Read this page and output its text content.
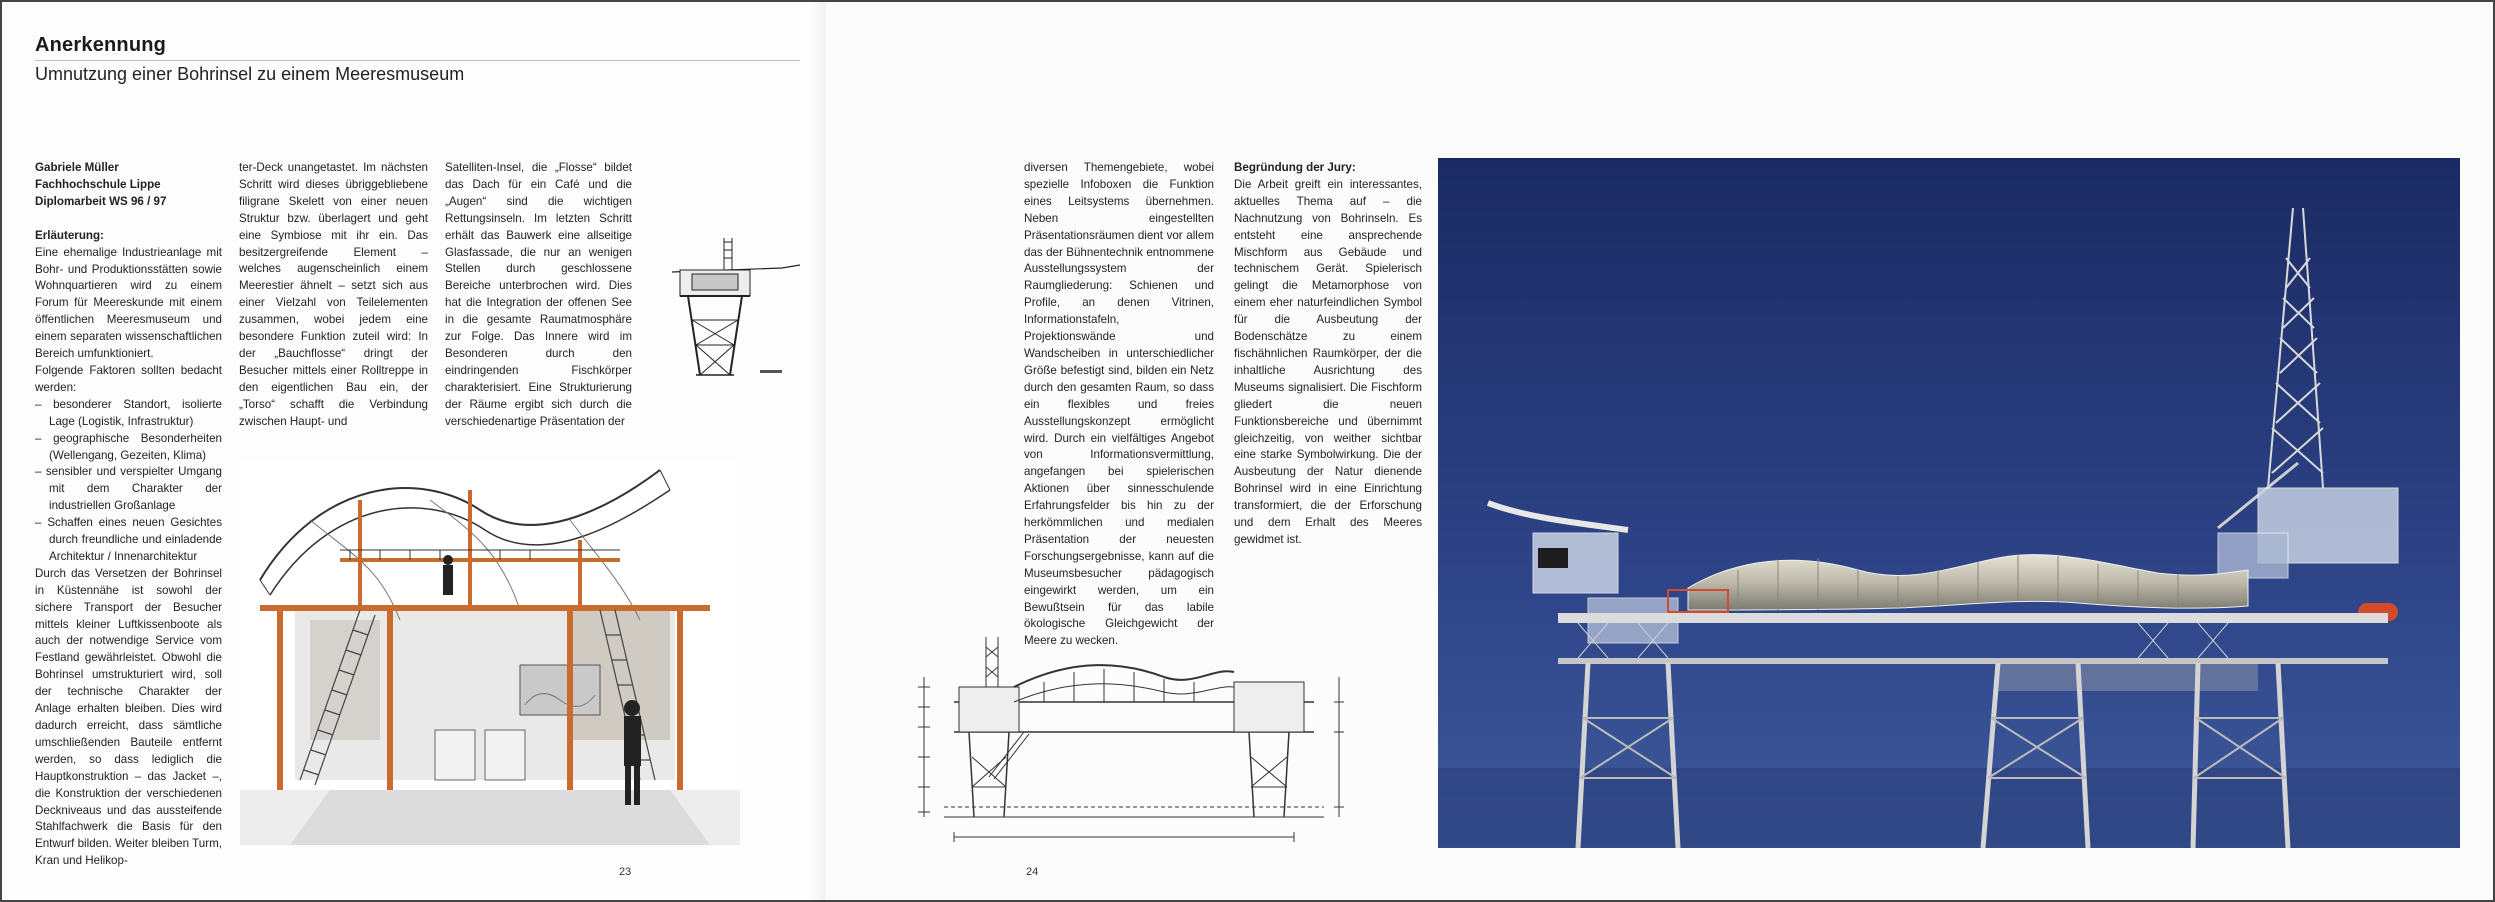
Anerkennung
Umnutzung einer Bohrinsel zu einem Meeresmuseum

Gabriele Müller

Fachhochschule Lippe

Diplomarbeit WS 96 / 97

Erläuterung:

Eine ehemalige Industrieanlage mit Bohr- und Produktionsstätten sowie Wohnquartieren wird zu einem Forum für Meereskunde mit einem öffentlichen Meeresmuseum und einem separaten wissenschaftlichen Bereich umfunktioniert.

Folgende Faktoren sollten bedacht werden:

– besonderer Standort, isolierte Lage (Logistik, Infrastruktur)

– geographische Besonderheiten (Wellengang, Gezeiten, Klima)

– sensibler und verspielter Umgang mit dem Charakter der industriellen Großanlage

– Schaffen eines neuen Gesichtes durch freundliche und einladende Architektur / Innenarchitektur

Durch das Versetzen der Bohrinsel in Küstennähe ist sowohl der sichere Transport der Besucher mittels kleiner Luftkissenboote als auch der notwendige Service vom Festland gewährleistet. Obwohl die Bohrinsel umstrukturiert wird, soll der technische Charakter der Anlage erhalten bleiben. Dies wird dadurch erreicht, dass sämtliche umschließenden Bauteile entfernt werden, so dass lediglich die Hauptkonstruktion – das Jacket –, die Konstruktion der verschiedenen Deckniveaus und das aussteifende Stahlfachwerk die Basis für den Entwurf bilden. Weiter bleiben Turm, Kran und Helikop-

ter-Deck unangetastet. Im nächsten Schritt wird dieses übriggebliebene filigrane Skelett von einer neuen Struktur bzw. überlagert und geht eine Symbiose mit ihr ein. Das besitzergreifende Element – welches augenscheinlich einem Meerestier ähnelt – setzt sich aus einer Vielzahl von Teilelementen zusammen, wobei jedem eine besondere Funktion zuteil wird: In der „Bauchflosse“ dringt der Besucher mittels einer Rolltreppe in den eigentlichen Bau ein, der „Torso“ schafft die Verbindung zwischen Haupt- und

Satelliten-Insel, die „Flosse“ bildet das Dach für ein Café und die „Augen“ sind die wichtigen Rettungsinseln. Im letzten Schritt erhält das Bauwerk eine allseitige Glasfassade, die nur an wenigen Stellen durch geschlossene Bereiche unterbrochen wird. Dies hat die Integration der offenen See in die gesamte Raumatmosphäre zur Folge. Das Innere wird im Besonderen durch den eindringenden Fischkörper charakterisiert. Eine Strukturierung der Räume ergibt sich durch die verschiedenartige Präsentation der

23

diversen Themengebiete, wobei spezielle Infoboxen die Funktion eines Leitsystems übernehmen. Neben eingestellten Präsentationsräumen dient vor allem das der Bühnentechnik entnommene Ausstellungssystem der Raumgliederung: Schienen und Profile, an denen Vitrinen, Informationstafeln, Projektionswände und Wandscheiben in unterschiedlicher Größe befestigt sind, bilden ein Netz durch den gesamten Raum, so dass ein flexibles und freies Ausstellungskonzept ermöglicht wird. Durch ein vielfältiges Angebot von Informationsvermittlung, angefangen bei spielerischen Aktionen über sinnesschulende Erfahrungsfelder bis hin zu der herkömmlichen und medialen Präsentation der neuesten Forschungsergebnisse, kann auf die Museumsbesucher pädagogisch eingewirkt werden, um ein Bewußtsein für das labile ökologische Gleichgewicht der Meere zu wecken.

Begründung der Jury:

Die Arbeit greift ein interessantes, aktuelles Thema auf – die Nachnutzung von Bohrinseln. Es entsteht eine ansprechende Mischform aus Gebäude und technischem Gerät. Spielerisch gelingt die Metamorphose von einem eher naturfeindlichen Symbol für die Ausbeutung der Bodenschätze zu einem fischähnlichen Raumkörper, der die inhaltliche Ausrichtung des Museums signalisiert. Die Fischform gliedert die neuen Funktionsbereiche und übernimmt gleichzeitig, von weither sichtbar eine starke Symbolwirkung. Die der Ausbeutung der Natur dienende Bohrinsel wird in eine Einrichtung transformiert, die der Erforschung und dem Erhalt des Meeres gewidmet ist.

24
